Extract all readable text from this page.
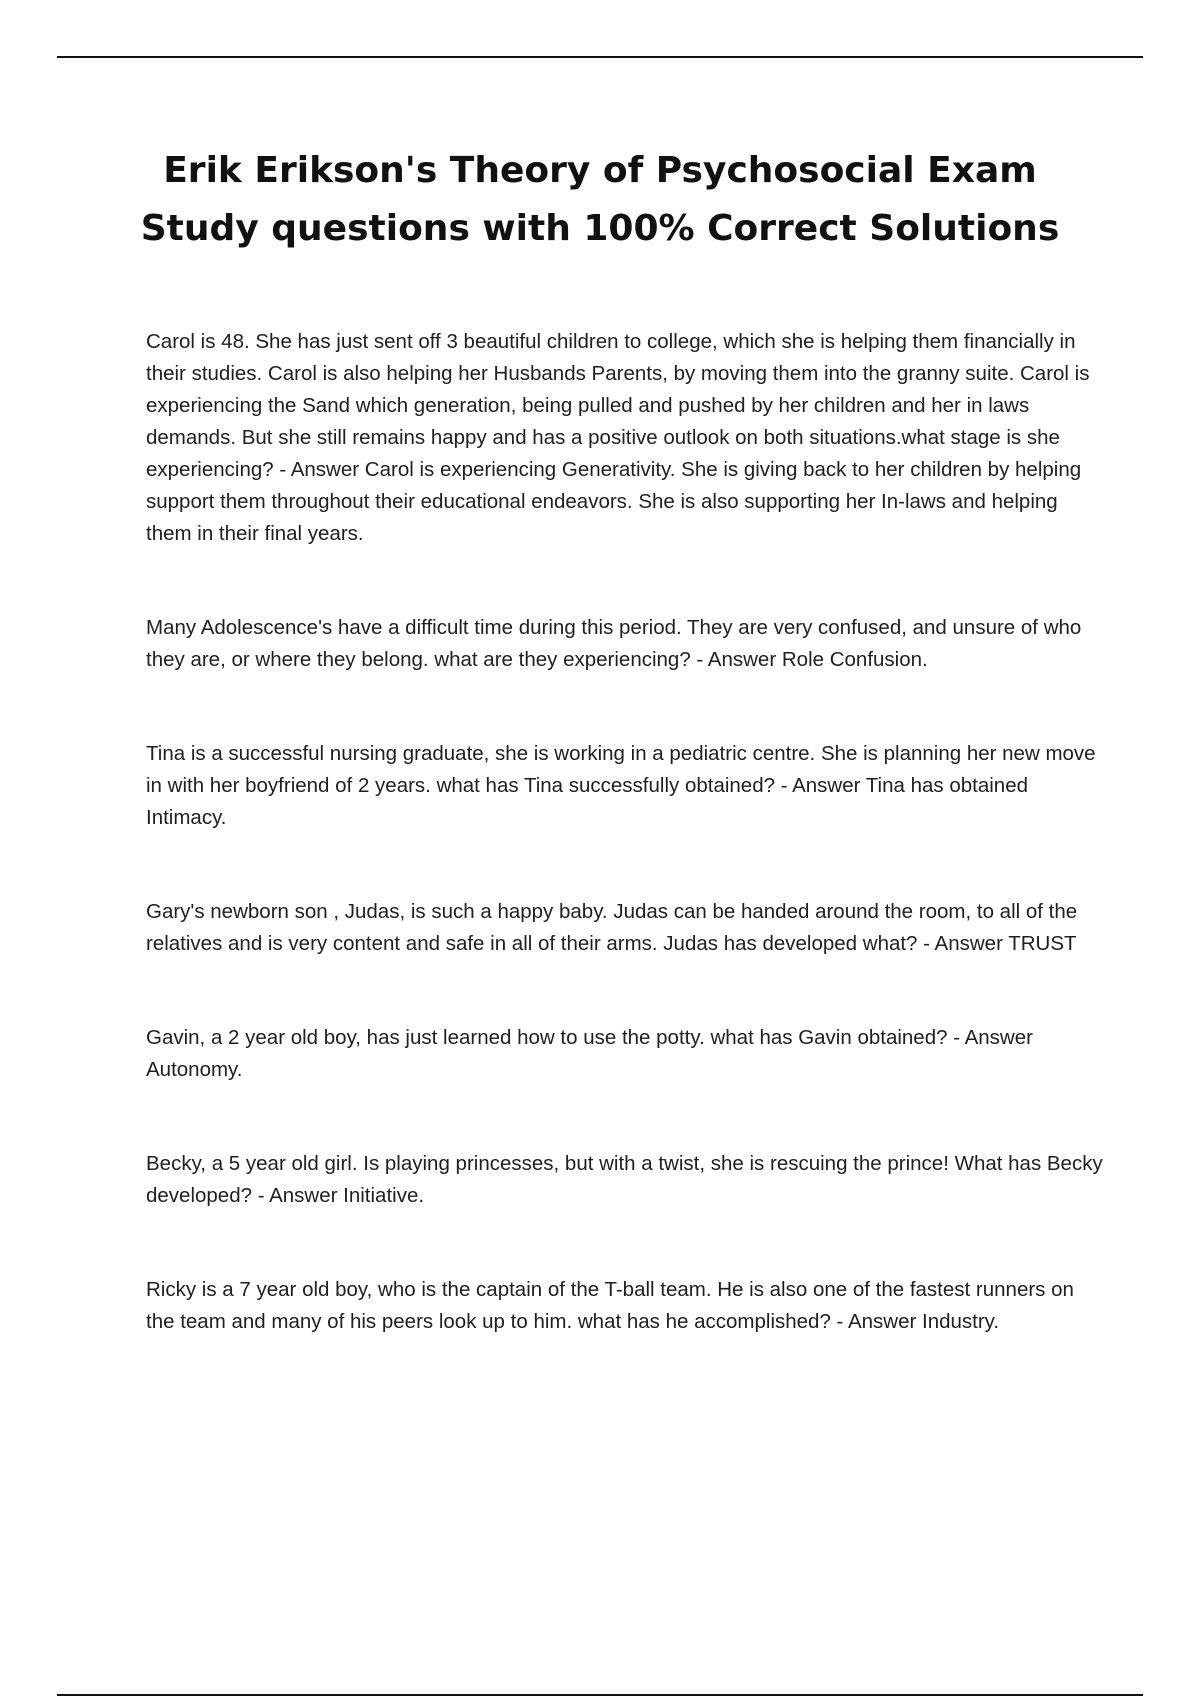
Erik Erikson's Theory of Psychosocial Exam Study questions with 100% Correct Solutions
Carol is 48. She has just sent off 3 beautiful children to college, which she is helping them financially in their studies. Carol is also helping her Husbands Parents, by moving them into the granny suite. Carol is experiencing the Sand which generation, being pulled and pushed by her children and her in laws demands. But she still remains happy and has a positive outlook on both situations.what stage is she experiencing? - Answer Carol is experiencing Generativity. She is giving back to her children by helping support them throughout their educational endeavors. She is also supporting her In-laws and helping them in their final years.
Many Adolescence's have a difficult time during this period. They are very confused, and unsure of who they are, or where they belong. what are they experiencing? - Answer Role Confusion.
Tina is a successful nursing graduate, she is working in a pediatric centre. She is planning her new move in with her boyfriend of 2 years. what has Tina successfully obtained? - Answer Tina has obtained Intimacy.
Gary's newborn son , Judas, is such a happy baby. Judas can be handed around the room, to all of the relatives and is very content and safe in all of their arms. Judas has developed what? - Answer TRUST
Gavin, a 2 year old boy, has just learned how to use the potty. what has Gavin obtained? - Answer Autonomy.
Becky, a 5 year old girl. Is playing princesses, but with a twist, she is rescuing the prince! What has Becky developed? - Answer Initiative.
Ricky is a 7 year old boy, who is the captain of the T-ball team. He is also one of the fastest runners on the team and many of his peers look up to him. what has he accomplished? - Answer Industry.
